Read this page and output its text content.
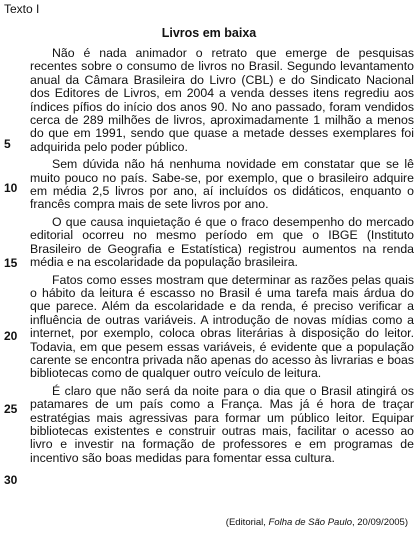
Texto I
Livros em baixa
5
10
15
20
25
30

Não é nada animador o retrato que emerge de pesquisas recentes sobre o consumo de livros no Brasil. Segundo levantamento anual da Câmara Brasileira do Livro (CBL) e do Sindicato Nacional dos Editores de Livros, em 2004 a venda desses itens regrediu aos índices pífios do início dos anos 90. No ano passado, foram vendidos cerca de 289 milhões de livros, aproximadamente 1 milhão a menos do que em 1991, sendo que quase a metade desses exemplares foi adquirida pelo poder público.

Sem dúvida não há nenhuma novidade em constatar que se lê muito pouco no país. Sabe-se, por exemplo, que o brasileiro adquire em média 2,5 livros por ano, aí incluídos os didáticos, enquanto o francês compra mais de sete livros por ano.

O que causa inquietação é que o fraco desempenho do mercado editorial ocorreu no mesmo período em que o IBGE (Instituto Brasileiro de Geografia e Estatística) registrou aumentos na renda média e na escolaridade da população brasileira.

Fatos como esses mostram que determinar as razões pelas quais o hábito da leitura é escasso no Brasil é uma tarefa mais árdua do que parece. Além da escolaridade e da renda, é preciso verificar a influência de outras variáveis. A introdução de novas mídias como a internet, por exemplo, coloca obras literárias à disposição do leitor. Todavia, em que pesem essas variáveis, é evidente que a população carente se encontra privada não apenas do acesso às livrarias e boas bibliotecas como de qualquer outro veículo de leitura.

É claro que não será da noite para o dia que o Brasil atingirá os patamares de um país como a França. Mas já é hora de traçar estratégias mais agressivas para formar um público leitor. Equipar bibliotecas existentes e construir outras mais, facilitar o acesso ao livro e investir na formação de professores e em programas de incentivo são boas medidas para fomentar essa cultura.

(Editorial, Folha de São Paulo, 20/09/2005)
